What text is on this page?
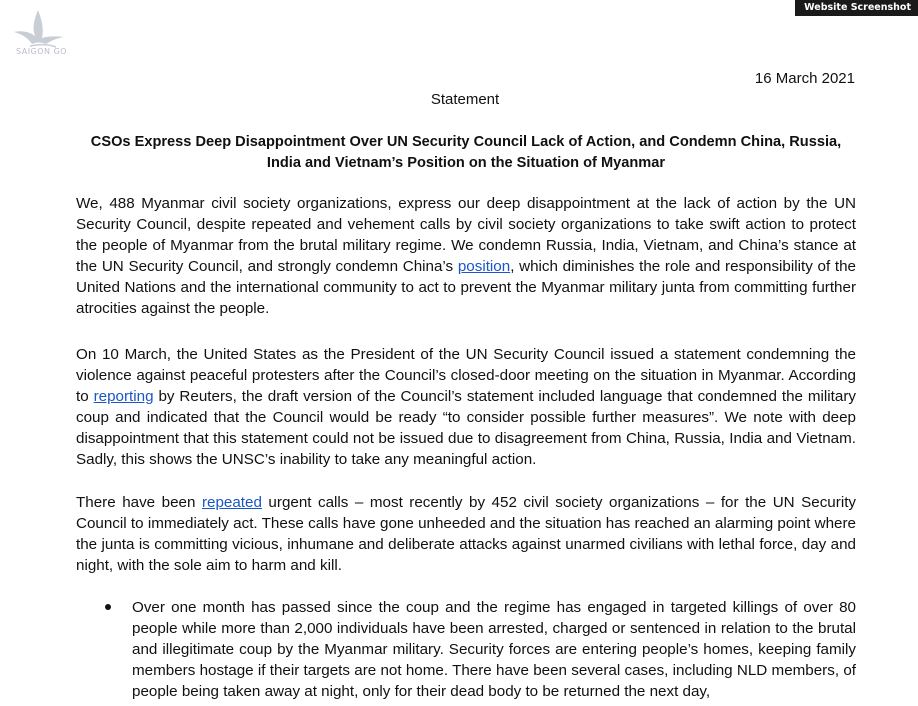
SAIGON GO
Website Screenshot
16 March 2021
Statement
CSOs Express Deep Disappointment Over UN Security Council Lack of Action, and Condemn China, Russia, India and Vietnam’s Position on the Situation of Myanmar

We, 488 Myanmar civil society organizations, express our deep disappointment at the lack of action by the UN Security Council, despite repeated and vehement calls by civil society organizations to take swift action to protect the people of Myanmar from the brutal military regime. We condemn Russia, India, Vietnam, and China’s stance at the UN Security Council, and strongly condemn China’s position, which diminishes the role and responsibility of the United Nations and the international community to act to prevent the Myanmar military junta from committing further atrocities against the people.

On 10 March, the United States as the President of the UN Security Council issued a statement condemning the violence against peaceful protesters after the Council’s closed-door meeting on the situation in Myanmar. According to reporting by Reuters, the draft version of the Council’s statement included language that condemned the military coup and indicated that the Council would be ready “to consider possible further measures”. We note with deep disappointment that this statement could not be issued due to disagreement from China, Russia, India and Vietnam. Sadly, this shows the UNSC’s inability to take any meaningful action.

There have been repeated urgent calls – most recently by 452 civil society organizations – for the UN Security Council to immediately act. These calls have gone unheeded and the situation has reached an alarming point where the junta is committing vicious, inhumane and deliberate attacks against unarmed civilians with lethal force, day and night, with the sole aim to harm and kill.

Over one month has passed since the coup and the regime has engaged in targeted killings of over 80 people while more than 2,000 individuals have been arrested, charged or sentenced in relation to the brutal and illegitimate coup by the Myanmar military. Security forces are entering people’s homes, keeping family members hostage if their targets are not home. There have been several cases, including NLD members, of people being taken away at night, only for their dead body to be returned the next day,
